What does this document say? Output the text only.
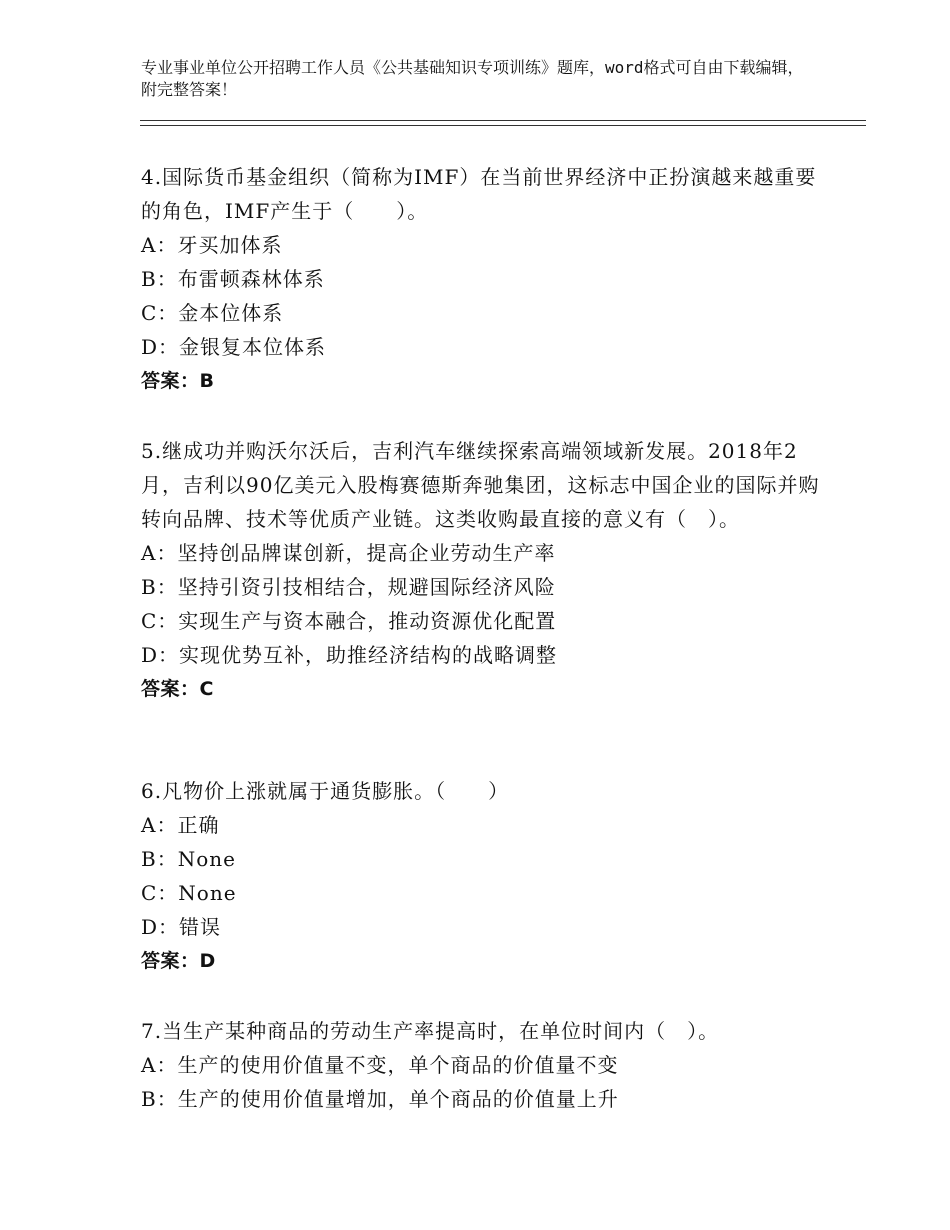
专业事业单位公开招聘工作人员《公共基础知识专项训练》题库，word格式可自由下载编辑，附完整答案！
4.国际货币基金组织（简称为IMF）在当前世界经济中正扮演越来越重要的角色，IMF产生于（　　）。
A：牙买加体系
B：布雷顿森林体系
C：金本位体系
D：金银复本位体系
答案：B
5.继成功并购沃尔沃后，吉利汽车继续探索高端领域新发展。2018年2月，吉利以90亿美元入股梅赛德斯奔驰集团，这标志中国企业的国际并购转向品牌、技术等优质产业链。这类收购最直接的意义有（　）。
A：坚持创品牌谋创新，提高企业劳动生产率
B：坚持引资引技相结合，规避国际经济风险
C：实现生产与资本融合，推动资源优化配置
D：实现优势互补，助推经济结构的战略调整
答案：C
6.凡物价上涨就属于通货膨胀。（　　）
A：正确
B：None
C：None
D：错误
答案：D
7.当生产某种商品的劳动生产率提高时，在单位时间内（　）。
A：生产的使用价值量不变，单个商品的价值量不变
B：生产的使用价值量增加，单个商品的价值量上升
